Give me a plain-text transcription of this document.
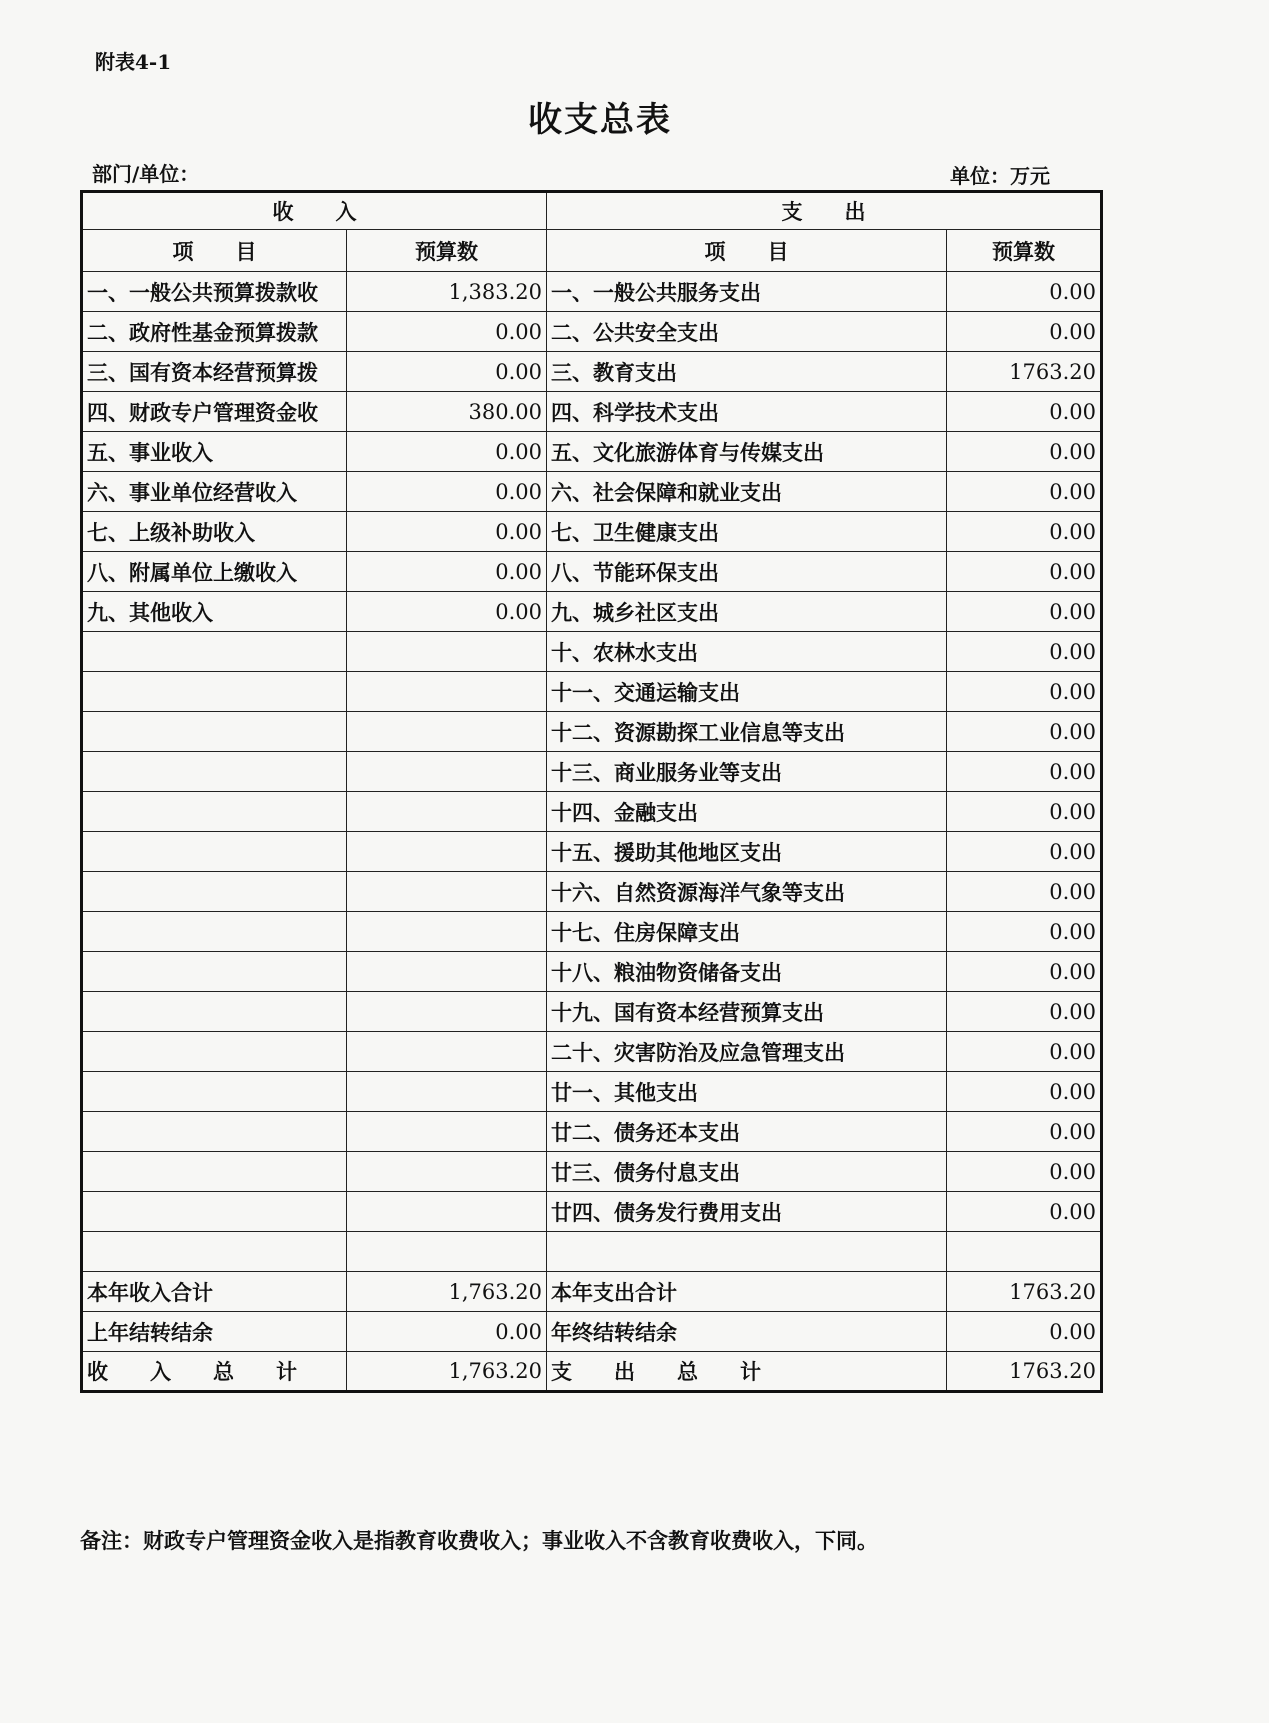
附表4-1
收支总表
部门/单位：	单位：万元
收　　入		支　　出	
项　　目	预算数	项　　目	预算数
一、一般公共预算拨款收	1,383.20	一、一般公共服务支出	0.00
二、政府性基金预算拨款	0.00	二、公共安全支出	0.00
三、国有资本经营预算拨	0.00	三、教育支出	1763.20
四、财政专户管理资金收	380.00	四、科学技术支出	0.00
五、事业收入	0.00	五、文化旅游体育与传媒支出	0.00
六、事业单位经营收入	0.00	六、社会保障和就业支出	0.00
七、上级补助收入	0.00	七、卫生健康支出	0.00
八、附属单位上缴收入	0.00	八、节能环保支出	0.00
九、其他收入	0.00	九、城乡社区支出	0.00
		十、农林水支出	0.00
		十一、交通运输支出	0.00
		十二、资源勘探工业信息等支出	0.00
		十三、商业服务业等支出	0.00
		十四、金融支出	0.00
		十五、援助其他地区支出	0.00
		十六、自然资源海洋气象等支出	0.00
		十七、住房保障支出	0.00
		十八、粮油物资储备支出	0.00
		十九、国有资本经营预算支出	0.00
		二十、灾害防治及应急管理支出	0.00
		廿一、其他支出	0.00
		廿二、债务还本支出	0.00
		廿三、债务付息支出	0.00
		廿四、债务发行费用支出	0.00

本年收入合计	1,763.20	本年支出合计	1763.20
上年结转结余	0.00	年终结转结余	0.00
收　　入　　总　　计	1,763.20	支　　出　　总　　计	1763.20
备注：财政专户管理资金收入是指教育收费收入；事业收入不含教育收费收入，下同。
